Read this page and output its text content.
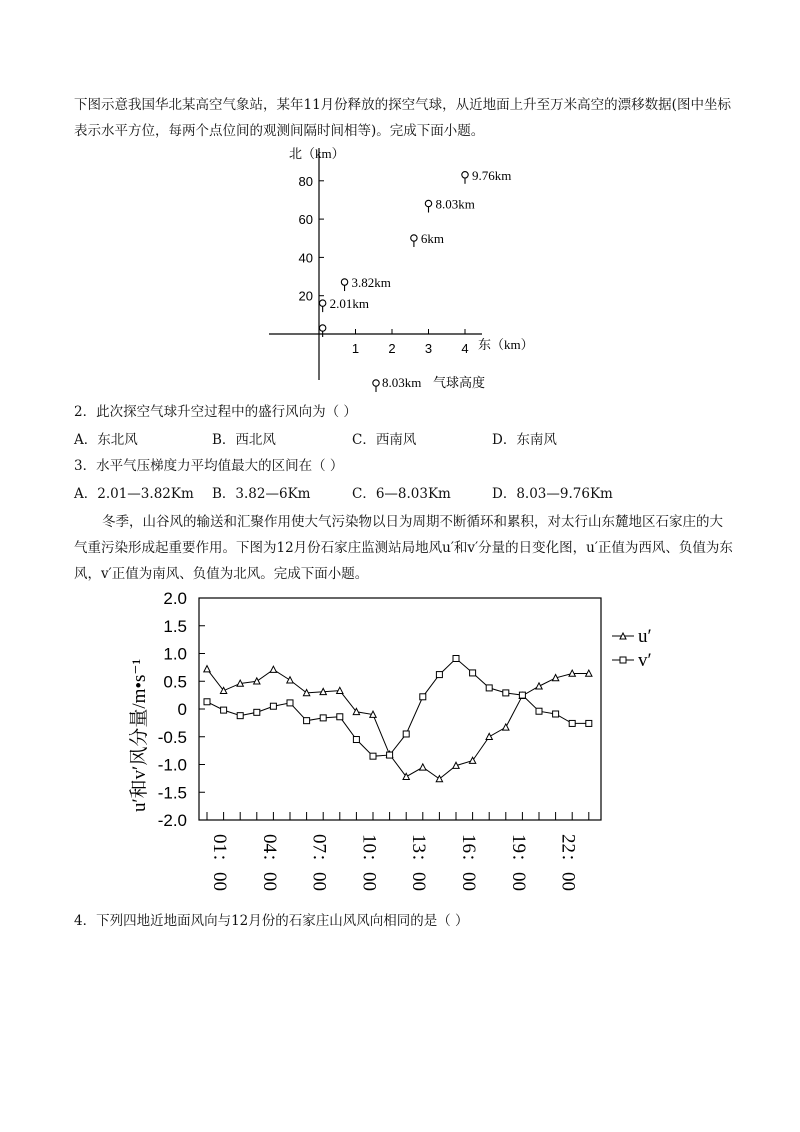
下图示意我国华北某高空气象站，某年11月份释放的探空气球，从近地面上升至万米高空的漂移数据(图中坐标表示水平方位，每两个点位间的观测间隔时间相等)。完成下面小题。

北（km）
东（km）
20
40
60
80
1 2 3 4
2.01km
3.82km
6km
8.03km
9.76km
8.03km 气球高度

2．此次探空气球升空过程中的盛行风向为（ ）

A．东北风	B．西北风	C．西南风	D．东南风

3．水平气压梯度力平均值最大的区间在（ ）

A．2.01—3.82Km B．3.82—6Km	C．6—8.03Km	D．8.03—9.76Km

冬季，山谷风的输送和汇聚作用使大气污染物以日为周期不断循环和累积，对太行山东麓地区石家庄的大气重污染形成起重要作用。下图为12月份石家庄监测站局地风u′和v′分量的日变化图，u′正值为西风、负值为东风，v′正值为南风、负值为北风。完成下面小题。

u′和v′风分量/m•s⁻¹
2.0
1.5
1.0
0.5
0
-0.5
-1.0
-1.5
-2.0
01：00 04：00 07：00 10：00 13：00 16：00 19：00 22：00
u′
v′

4．下列四地近地面风向与12月份的石家庄山风风向相同的是（ ）
